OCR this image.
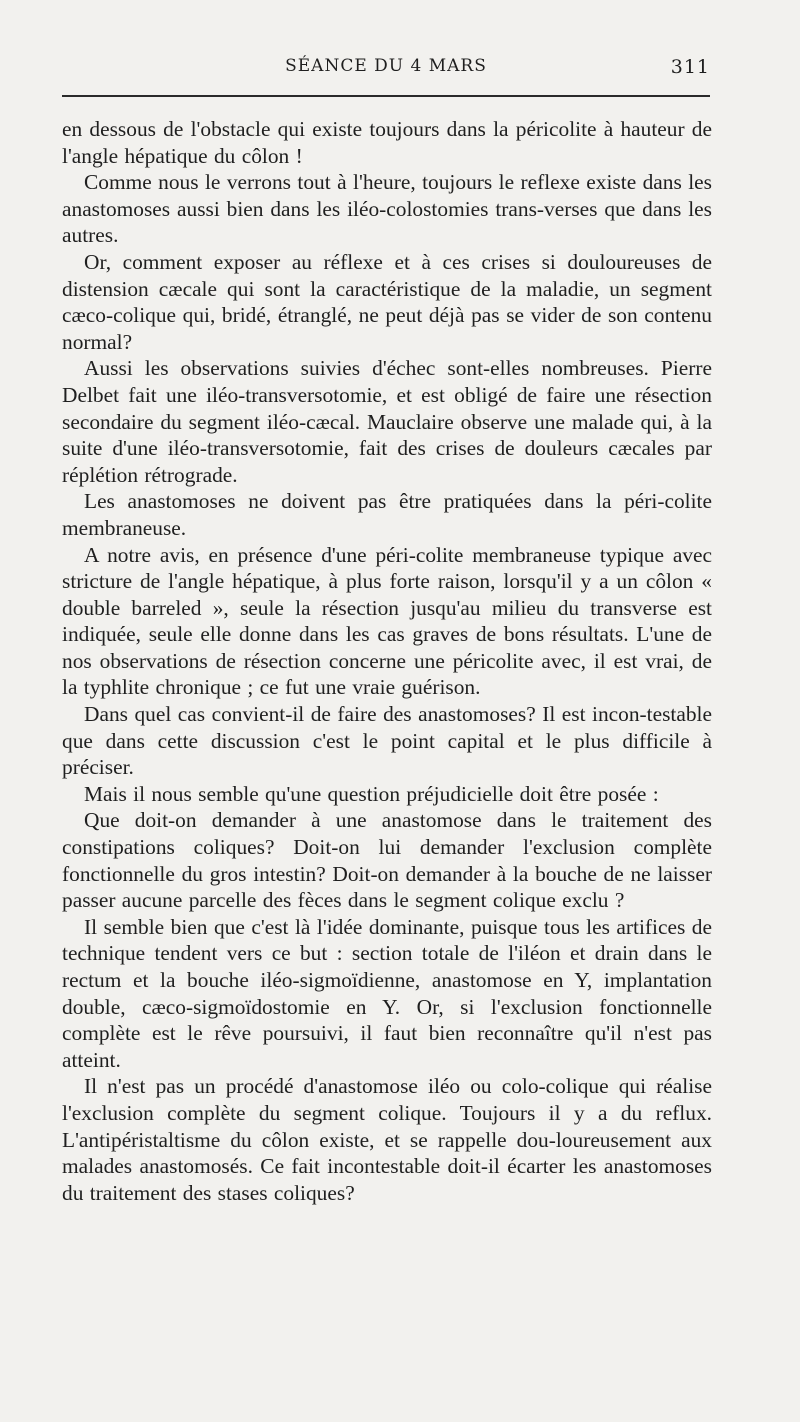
SÉANCE DU 4 MARS	311

en dessous de l'obstacle qui existe toujours dans la péricolite à hauteur de l'angle hépatique du côlon !

Comme nous le verrons tout à l'heure, toujours le reflexe existe dans les anastomoses aussi bien dans les iléo-colostomies trans-verses que dans les autres.

Or, comment exposer au réflexe et à ces crises si douloureuses de distension cæcale qui sont la caractéristique de la maladie, un segment cæco-colique qui, bridé, étranglé, ne peut déjà pas se vider de son contenu normal?

Aussi les observations suivies d'échec sont-elles nombreuses. Pierre Delbet fait une iléo-transversotomie, et est obligé de faire une résection secondaire du segment iléo-cæcal. Mauclaire observe une malade qui, à la suite d'une iléo-transversotomie, fait des crises de douleurs cæcales par réplétion rétrograde.

Les anastomoses ne doivent pas être pratiquées dans la péri-colite membraneuse.

A notre avis, en présence d'une péri-colite membraneuse typique avec stricture de l'angle hépatique, à plus forte raison, lorsqu'il y a un côlon « double barreled », seule la résection jusqu'au milieu du transverse est indiquée, seule elle donne dans les cas graves de bons résultats. L'une de nos observations de résection concerne une péricolite avec, il est vrai, de la typhlite chronique ; ce fut une vraie guérison.

Dans quel cas convient-il de faire des anastomoses? Il est incon-testable que dans cette discussion c'est le point capital et le plus difficile à préciser.

Mais il nous semble qu'une question préjudicielle doit être posée :

Que doit-on demander à une anastomose dans le traitement des constipations coliques? Doit-on lui demander l'exclusion complète fonctionnelle du gros intestin? Doit-on demander à la bouche de ne laisser passer aucune parcelle des fèces dans le segment colique exclu ?

Il semble bien que c'est là l'idée dominante, puisque tous les artifices de technique tendent vers ce but : section totale de l'iléon et drain dans le rectum et la bouche iléo-sigmoïdienne, anastomose en Y, implantation double, cæco-sigmoïdostomie en Y. Or, si l'exclusion fonctionnelle complète est le rêve poursuivi, il faut bien reconnaître qu'il n'est pas atteint.

Il n'est pas un procédé d'anastomose iléo ou colo-colique qui réalise l'exclusion complète du segment colique. Toujours il y a du reflux. L'antipéristaltisme du côlon existe, et se rappelle dou-loureusement aux malades anastomosés. Ce fait incontestable doit-il écarter les anastomoses du traitement des stases coliques?
